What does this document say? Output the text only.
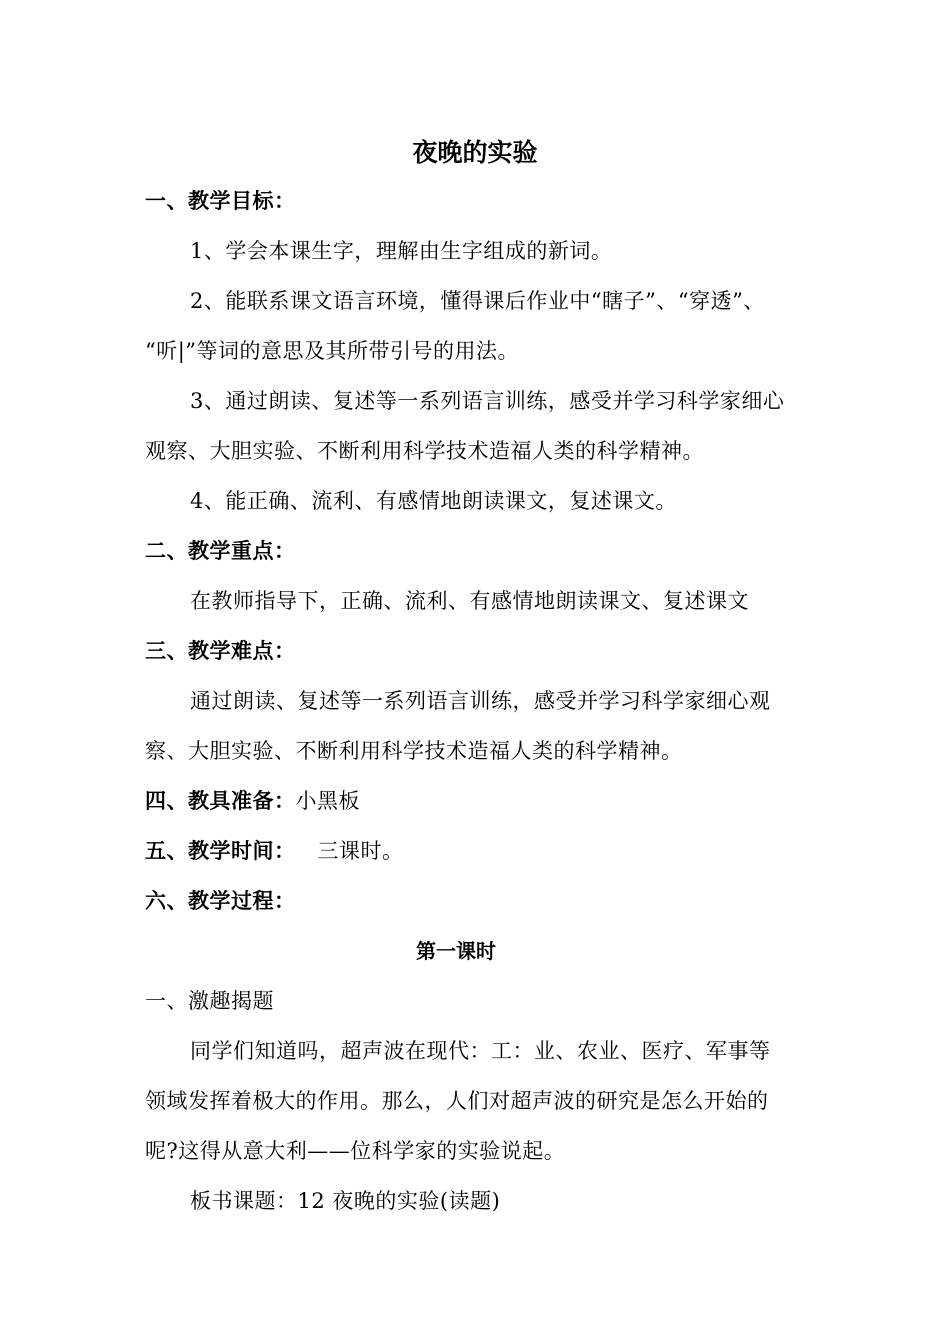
夜晚的实验
一、教学目标：
1、学会本课生字，理解由生字组成的新词。
2、能联系课文语言环境，懂得课后作业中“瞎子”、“穿透”、
“听|”等词的意思及其所带引号的用法。
3、通过朗读、复述等一系列语言训练，感受并学习科学家细心
观察、大胆实验、不断利用科学技术造福人类的科学精神。
4、能正确、流利、有感情地朗读课文，复述课文。
二、教学重点：
在教师指导下，正确、流利、有感情地朗读课文、复述课文
三、教学难点：
通过朗读、复述等一系列语言训练，感受并学习科学家细心观
察、大胆实验、不断利用科学技术造福人类的科学精神。
四、教具准备：小黑板
五、教学时间： 三课时。
六、教学过程：
第一课时
一、激趣揭题
同学们知道吗，超声波在现代：工：业、农业、医疗、军事等
领域发挥着极大的作用。那么，人们对超声波的研究是怎么开始的
呢?这得从意大利——位科学家的实验说起。
板书课题：12 夜晚的实验(读题)
